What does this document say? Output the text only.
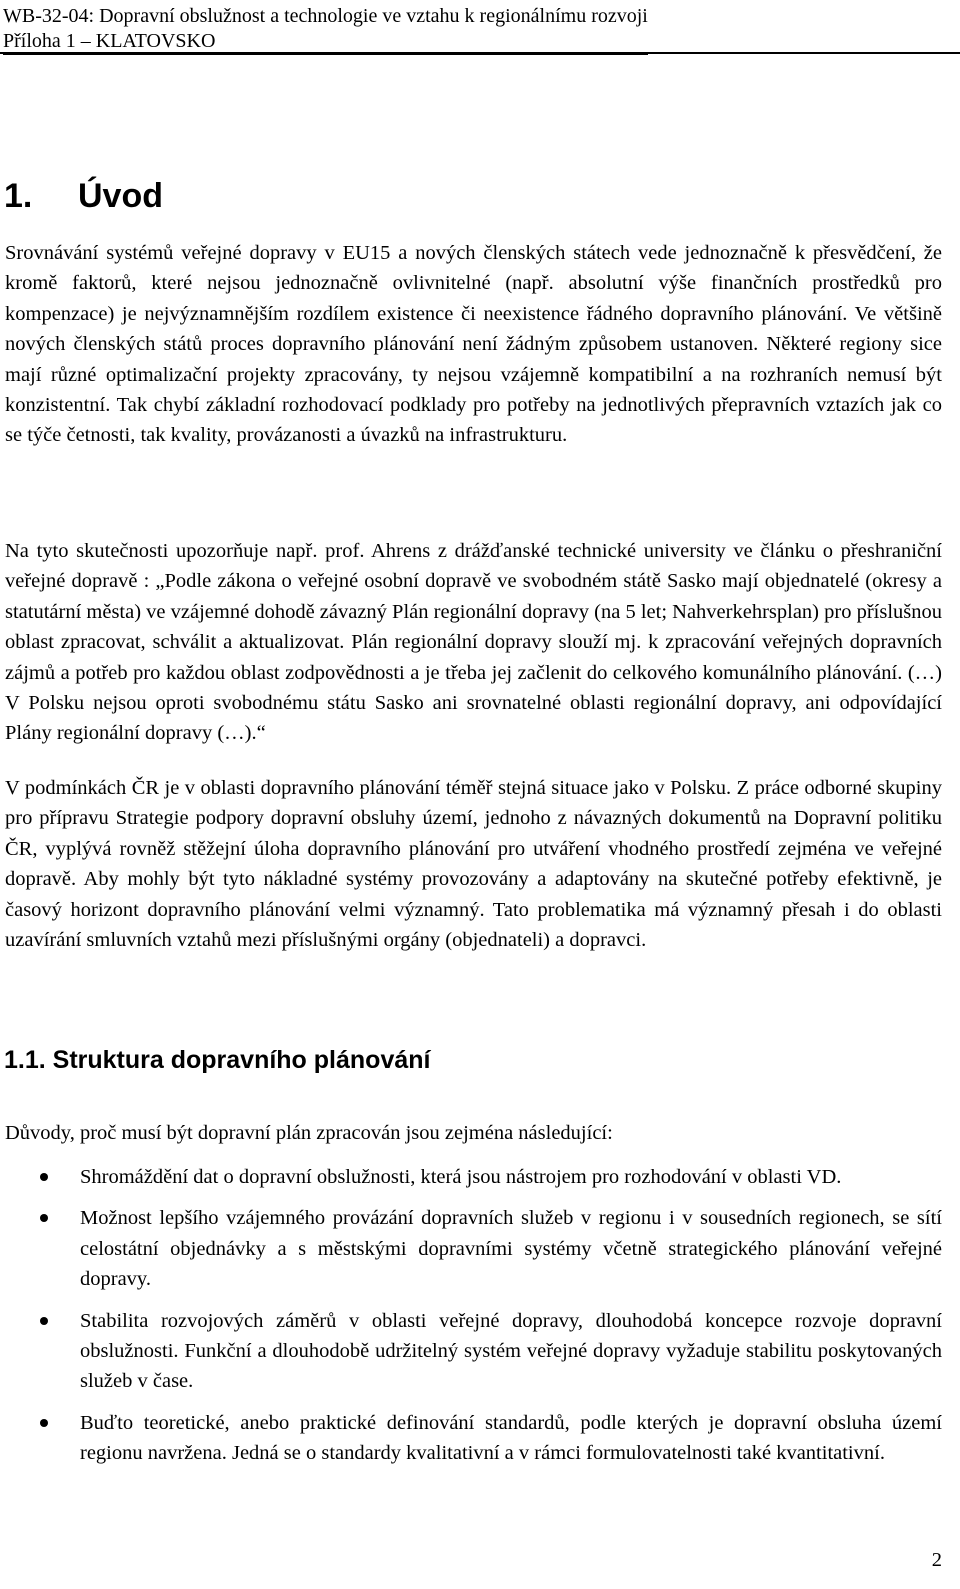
WB-32-04: Dopravní obslužnost a technologie ve vztahu k regionálnímu rozvoji
Příloha 1 – KLATOVSKO
1. Úvod

Srovnávání systémů veřejné dopravy v EU15 a nových členských státech vede jednoznačně k přesvědčení, že kromě faktorů, které nejsou jednoznačně ovlivnitelné (např. absolutní výše finančních prostředků pro kompenzace) je nejvýznamnějším rozdílem existence či neexistence řádného dopravního plánování. Ve většině nových členských států proces dopravního plánování není žádným způsobem ustanoven. Některé regiony sice mají různé optimalizační projekty zpracovány, ty nejsou vzájemně kompatibilní a na rozhraních nemusí být konzistentní. Tak chybí základní rozhodovací podklady pro potřeby na jednotlivých přepravních vztazích jak co se týče četnosti, tak kvality, provázanosti a úvazků na infrastrukturu.

Na tyto skutečnosti upozorňuje např. prof. Ahrens z drážďanské technické university ve článku o přeshraniční veřejné dopravě : „Podle zákona o veřejné osobní dopravě ve svobodném státě Sasko mají objednatelé (okresy a statutární města) ve vzájemné dohodě závazný Plán regionální dopravy (na 5 let; Nahverkehrsplan) pro příslušnou oblast zpracovat, schválit a aktualizovat. Plán regionální dopravy slouží mj. k zpracování veřejných dopravních zájmů a potřeb pro každou oblast zodpovědnosti a je třeba jej začlenit do celkového komunálního plánování. (…) V Polsku nejsou oproti svobodnému státu Sasko ani srovnatelné oblasti regionální dopravy, ani odpovídající Plány regionální dopravy (…).“

V podmínkách ČR je v oblasti dopravního plánování téměř stejná situace jako v Polsku. Z práce odborné skupiny pro přípravu Strategie podpory dopravní obsluhy území, jednoho z návazných dokumentů na Dopravní politiku ČR, vyplývá rovněž stěžejní úloha dopravního plánování pro utváření vhodného prostředí zejména ve veřejné dopravě. Aby mohly být tyto nákladné systémy provozovány a adaptovány na skutečné potřeby efektivně, je časový horizont dopravního plánování velmi významný. Tato problematika má významný přesah i do oblasti uzavírání smluvních vztahů mezi příslušnými orgány (objednateli) a dopravci.

1.1. Struktura dopravního plánování

Důvody, proč musí být dopravní plán zpracován jsou zejména následující:

Shromáždění dat o dopravní obslužnosti, která jsou nástrojem pro rozhodování v oblasti VD.
Možnost lepšího vzájemného provázání dopravních služeb v regionu i v sousedních regionech, se sítí celostátní objednávky a s městskými dopravními systémy včetně strategického plánování veřejné dopravy.
Stabilita rozvojových záměrů v oblasti veřejné dopravy, dlouhodobá koncepce rozvoje dopravní obslužnosti. Funkční a dlouhodobě udržitelný systém veřejné dopravy vyžaduje stabilitu poskytovaných služeb v čase.
Buďto teoretické, anebo praktické definování standardů, podle kterých je dopravní obsluha území regionu navržena. Jedná se o standardy kvalitativní a v rámci formulovatelnosti také kvantitativní.
2
